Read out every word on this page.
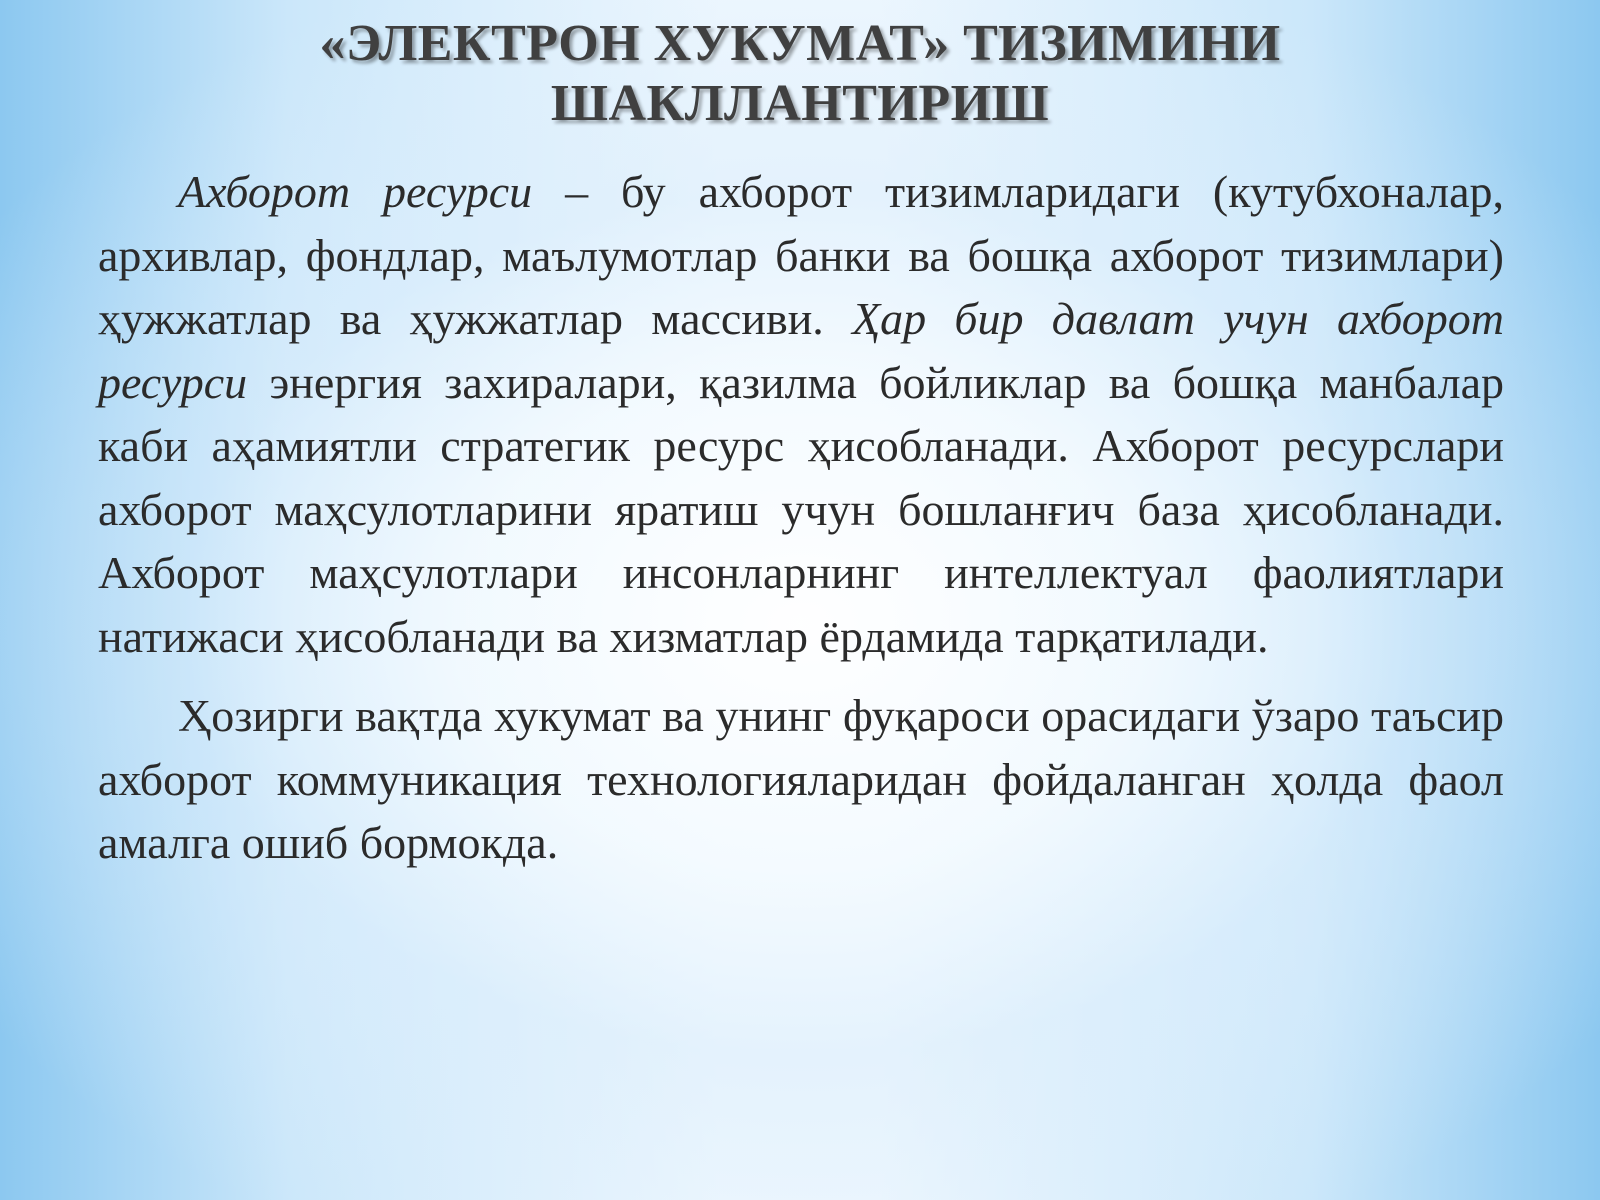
«ЭЛЕКТРОН ХУКУМАТ» ТИЗИМИНИ
ШАКЛЛАНТИРИШ

Ахборот ресурси – бу ахборот тизимларидаги (кутубхоналар, архивлар, фондлар, маълумотлар банки ва бошқа ахборот тизимлари) ҳужжатлар ва ҳужжатлар массиви. Ҳар бир давлат учун ахборот ресурси энергия захиралари, қазилма бойликлар ва бошқа манбалар каби аҳамиятли стратегик ресурс ҳисобланади. Ахборот ресурслари ахборот маҳсулотларини яратиш учун бошланғич база ҳисобланади. Ахборот маҳсулотлари инсонларнинг интеллектуал фаолиятлари натижаси ҳисобланади ва хизматлар ёрдамида тарқатилади.

Ҳозирги вақтда хукумат ва унинг фуқароси орасидаги ўзаро таъсир ахборот коммуникация технологияларидан фойдаланган ҳолда фаол амалга ошиб бормокда.
